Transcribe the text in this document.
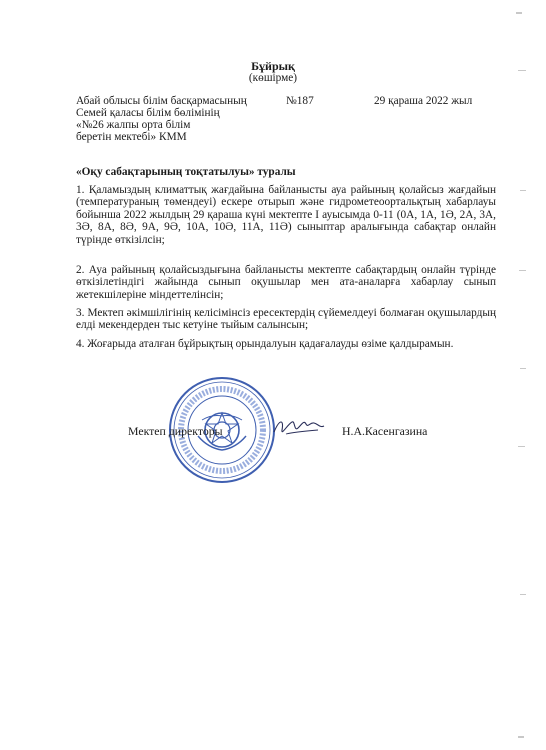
Бұйрық
(көшірме)
Абай облысы білім басқармасының
Семей қаласы білім бөлімінің
«№26 жалпы орта білім
беретін мектебі» КММ
№187	29 қараша 2022 жыл
«Оқу сабақтарының тоқтатылуы» туралы
1. Қаламыздың климаттық жағдайына байланысты ауа райының қолайсыз жағдайын (температураның төмендеуі) ескере отырып және гидрометеоортальқтың хабарлауы бойынша 2022 жылдың 29 қараша күні мектепте І ауысымда 0-11 (0А, 1А, 1Ә, 2А, 3А, 3Ә, 8А, 8Ә, 9А, 9Ә, 10А, 10Ә, 11А, 11Ә) сыныптар аралығында сабақтар онлайн түрінде өткізілсін;
2. Ауа райының қолайсыздығына байланысты мектепте сабақтардың онлайн түрінде өткізілетіндігі жайында сынып оқушылар мен ата-аналарға хабарлау сынып жетекшілеріне міндеттелінсін;
3. Мектеп әкімшілігінің келісімінсіз ересектердің сүйемелдеуі болмаған оқушылардың елді мекендерден тыс кетуіне тыйым салынсын;
4. Жоғарыда аталған бұйрықтың орындалуын қадағалауды өзіме қалдырамын.
Мектеп директоры	Н.А.Касенгазина
